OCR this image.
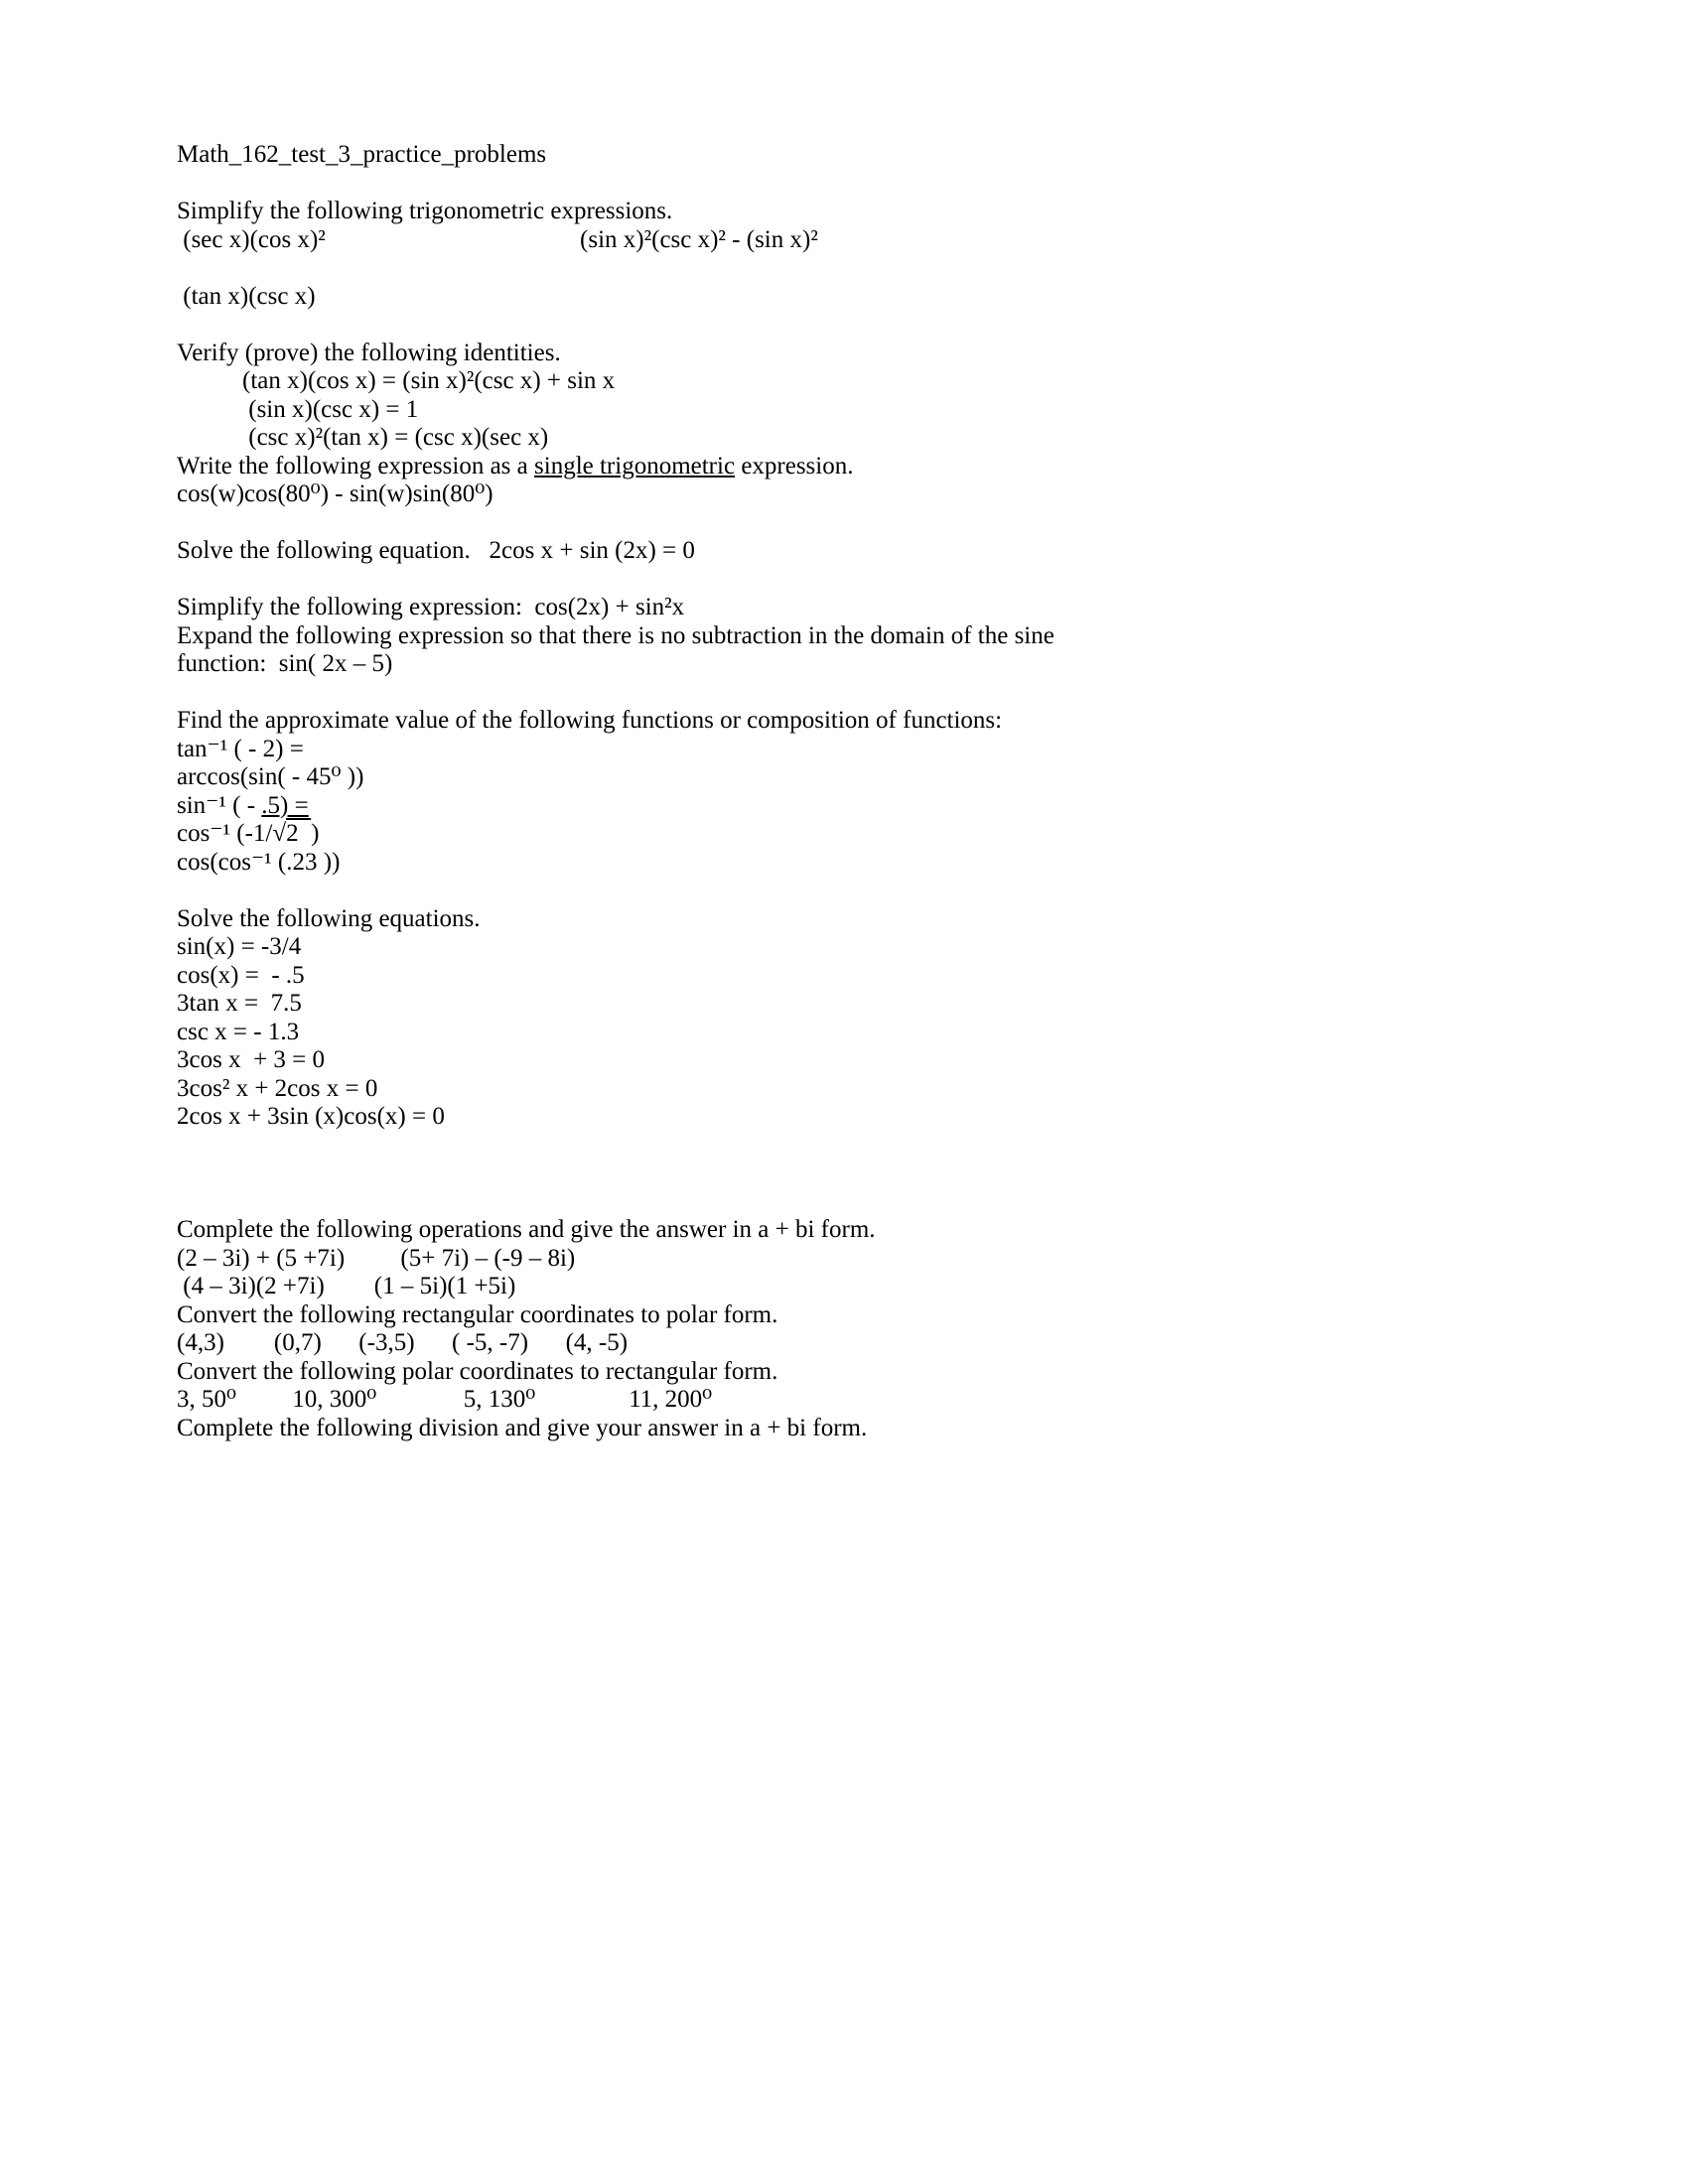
Math_162_test_3_practice_problems
Simplify the following trigonometric expressions.
(sec x)(cos x)²                                         (sin x)²(csc x)² - (sin x)²
(tan x)(csc x)
Verify (prove) the following identities.
(tan x)(cos x) = (sin x)²(csc x) + sin x
(sin x)(csc x) = 1
(csc x)²(tan x) = (csc x)(sec x)
Write the following expression as a single trigonometric expression.
cos(w)cos(80⁰) - sin(w)sin(80⁰)
Solve the following equation.   2cos x + sin (2x) = 0
Simplify the following expression:  cos(2x) + sin²x
Expand the following expression so that there is no subtraction in the domain of the sine
function:  sin( 2x – 5)
Find the approximate value of the following functions or composition of functions:
tan⁻¹ ( - 2) =
arccos(sin( - 45⁰ ))
sin⁻¹ ( - .5) =
cos⁻¹ (-1/√2  )
cos(cos⁻¹ (.23 ))
Solve the following equations.
sin(x) = -3/4
cos(x) =  - .5
3tan x =  7.5
csc x = - 1.3
3cos x  + 3 = 0
3cos² x + 2cos x = 0
2cos x + 3sin (x)cos(x) = 0
Complete the following operations and give the answer in a + bi form.
(2 – 3i) + (5 +7i)         (5+ 7i) – (-9 – 8i)
(4 – 3i)(2 +7i)        (1 – 5i)(1 +5i)
Convert the following rectangular coordinates to polar form.
(4,3)        (0,7)      (-3,5)      ( -5, -7)      (4, -5)
Convert the following polar coordinates to rectangular form.
3, 50⁰         10, 300⁰              5, 130⁰               11, 200⁰
Complete the following division and give your answer in a + bi form.
